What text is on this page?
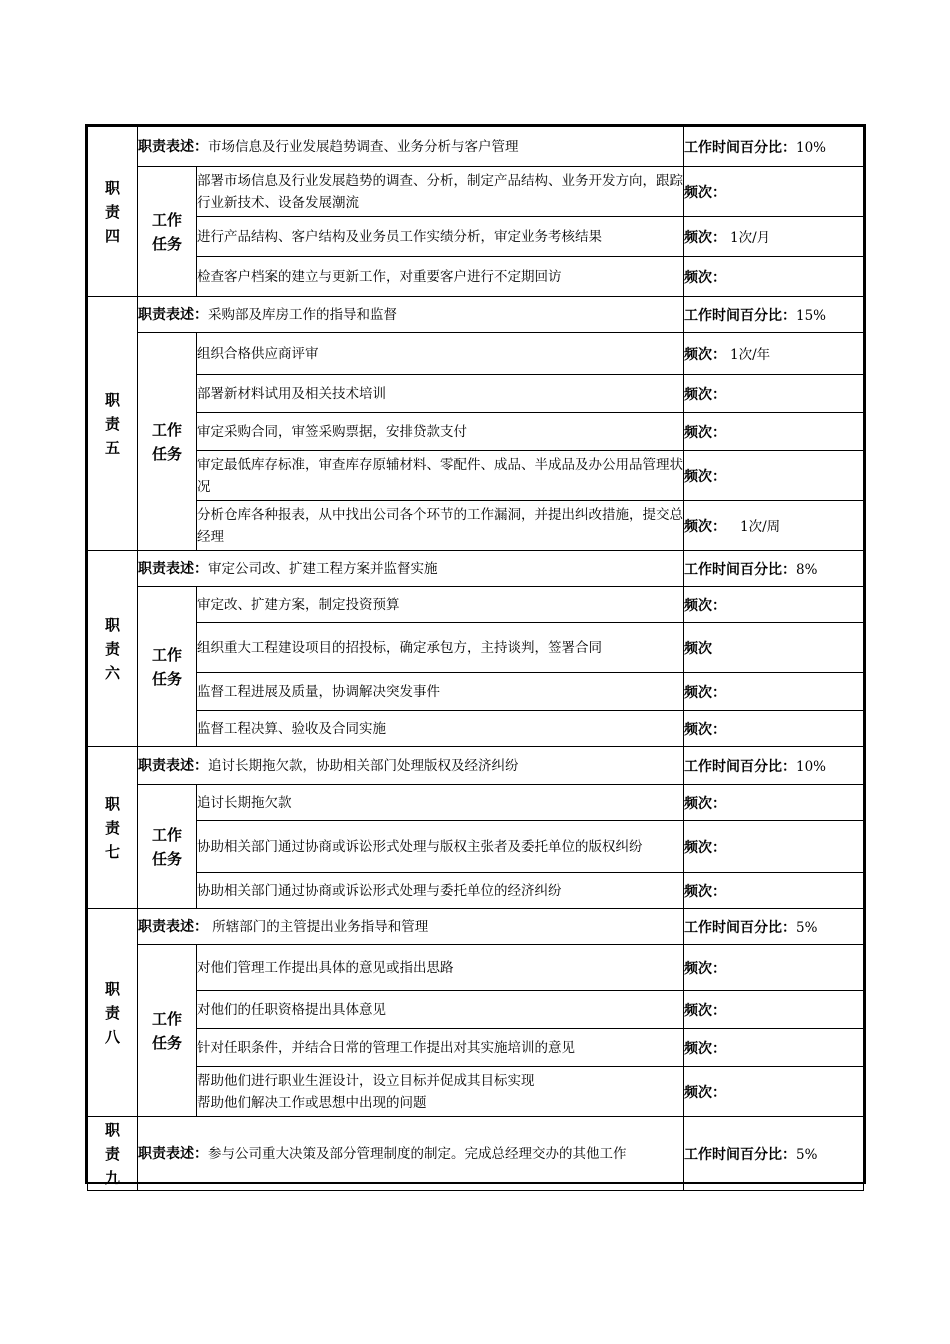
职
责
四	职责表述：市场信息及行业发展趋势调查、业务分析与客户管理		工作时间百分比：10%

	工作
任务	部署市场信息及行业发展趋势的调查、分析，制定产品结构、业务开发方向，跟踪行业新技术、设备发展潮流	频次：
		进行产品结构、客户结构及业务员工作实绩分析，审定业务考核结果	频次： 1次/月
		检查客户档案的建立与更新工作，对重要客户进行不定期回访	频次：

职
责
五	职责表述：采购部及库房工作的指导和监督		工作时间百分比：15%

	工作
任务	组织合格供应商评审	频次： 1次/年
		部署新材料试用及相关技术培训	频次：
		审定采购合同，审签采购票据，安排贷款支付	频次：
		审定最低库存标准，审查库存原辅材料、零配件、成品、半成品及办公用品管理状况	频次：
		分析仓库各种报表，从中找出公司各个环节的工作漏洞，并提出纠改措施，提交总经理	频次： 1次/周

职
责
六	职责表述：审定公司改、扩建工程方案并监督实施		工作时间百分比：8%

	工作
任务	审定改、扩建方案，制定投资预算	频次：
		组织重大工程建设项目的招投标，确定承包方，主持谈判，签署合同	频次
		监督工程进展及质量，协调解决突发事件	频次：
		监督工程决算、验收及合同实施	频次：

职
责
七	职责表述：追讨长期拖欠款，协助相关部门处理版权及经济纠纷		工作时间百分比：10%

	工作
任务	追讨长期拖欠款	频次：
		协助相关部门通过协商或诉讼形式处理与版权主张者及委托单位的版权纠纷	频次：
		协助相关部门通过协商或诉讼形式处理与委托单位的经济纠纷	频次：

职
责
八	职责表述： 所辖部门的主管提出业务指导和管理		工作时间百分比：5%

	工作
任务	对他们管理工作提出具体的意见或指出思路	频次：
		对他们的任职资格提出具体意见	频次：
		针对任职条件，并结合日常的管理工作提出对其实施培训的意见	频次：
		帮助他们进行职业生涯设计，设立目标并促成其目标实现
帮助他们解决工作或思想中出现的问题	频次：

职
责
九	职责表述：参与公司重大决策及部分管理制度的制定。完成总经理交办的其他工作		工作时间百分比：5%
